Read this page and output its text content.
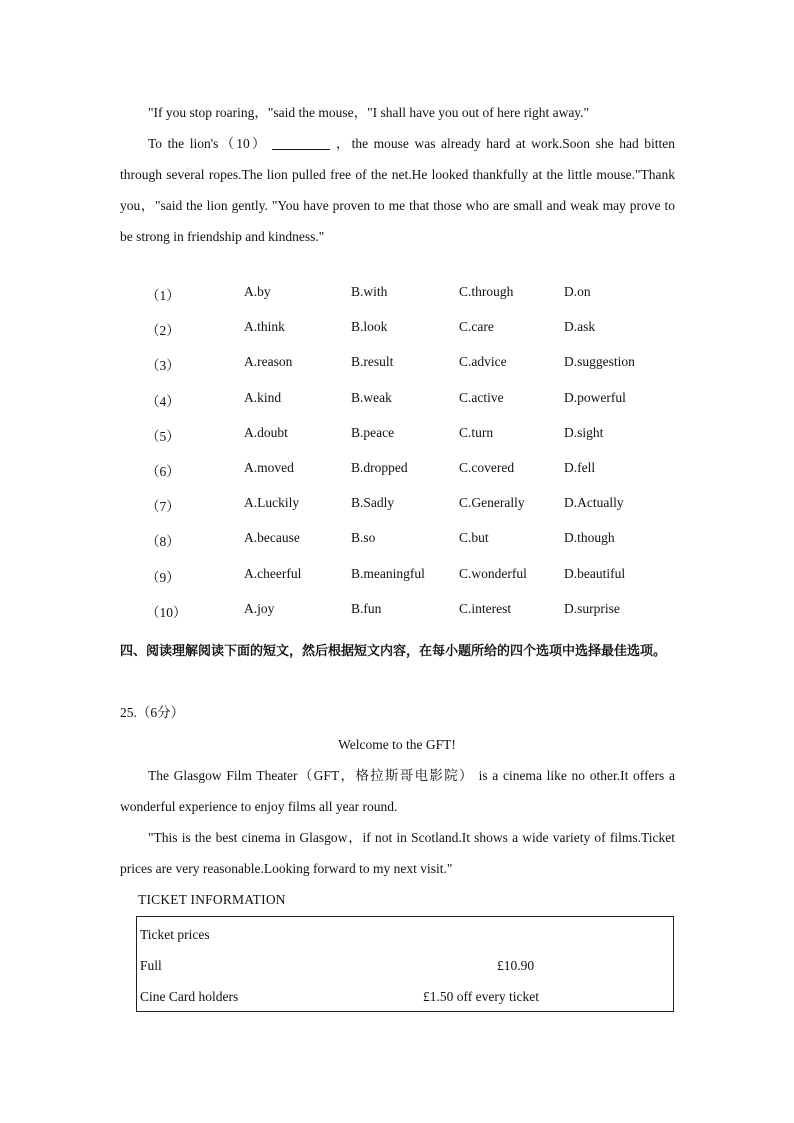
"If you stop roaring，"said the mouse，"I shall have you out of here right away."
To the lion's（10）	，the mouse was already hard at work.Soon she had bitten through several ropes.The lion pulled free of the net.He looked thankfully at the little mouse."Thank you，"said the lion gently. "You have proven to me that those who are small and weak may prove to be strong in friendship and kindness."
（1）	A.by	B.with	C.through	D.on
（2）	A.think	B.look	C.care	D.ask
（3）	A.reason	B.result	C.advice	D.suggestion
（4）	A.kind	B.weak	C.active	D.powerful
（5）	A.doubt	B.peace	C.turn	D.sight
（6）	A.moved	B.dropped	C.covered	D.fell
（7）	A.Luckily	B.Sadly	C.Generally	D.Actually
（8）	A.because	B.so	C.but	D.though
（9）	A.cheerful	B.meaningful	C.wonderful	D.beautiful
（10）	A.joy	B.fun	C.interest	D.surprise
四、阅读理解阅读下面的短文，然后根据短文内容，在每小题所给的四个选项中选择最佳选项。
25.（6分）
Welcome to the GFT!
The Glasgow Film Theater（GFT，格拉斯哥电影院） is a cinema like no other.It offers a wonderful experience to enjoy films all year round.
"This is the best cinema in Glasgow，if not in Scotland.It shows a wide variety of films.Ticket prices are very reasonable.Looking forward to my next visit."
TICKET INFORMATION
Ticket prices
Full	£10.90
Cine Card holders	£1.50 off every ticket
